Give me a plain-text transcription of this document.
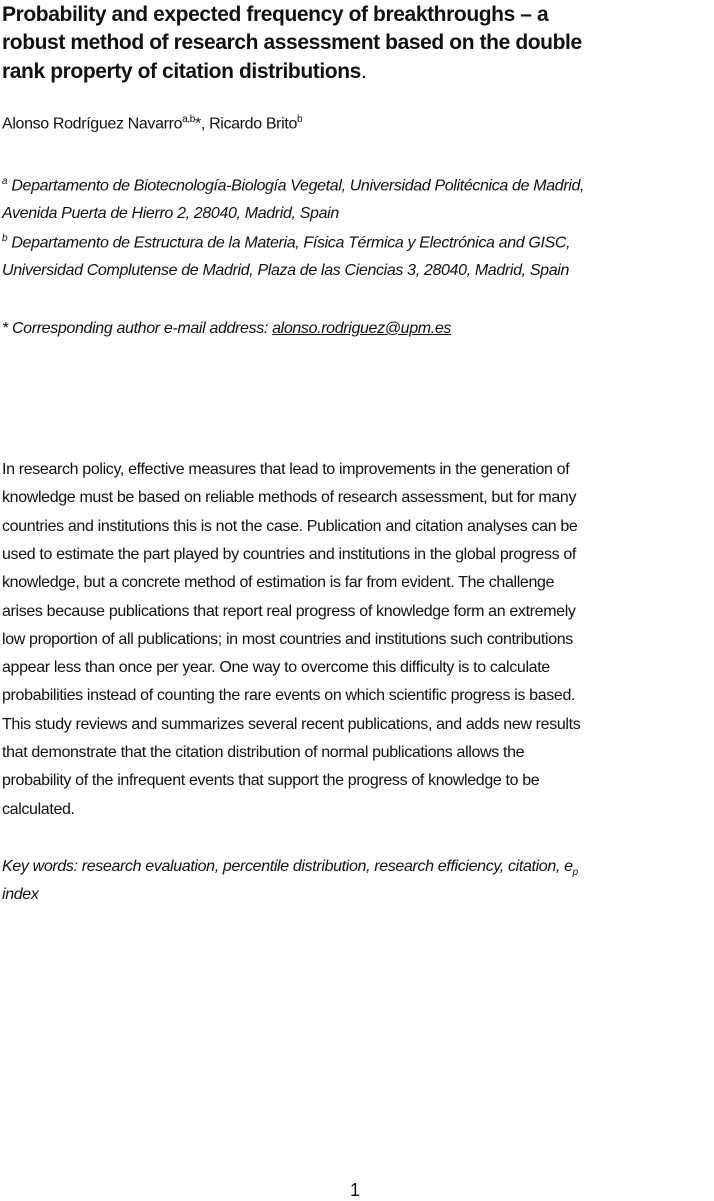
Probability and expected frequency of breakthroughs – a
robust method of research assessment based on the double
rank property of citation distributions.
Alonso Rodríguez Navarro$^{a,b}$*, Ricardo Brito$^b$
$^a$ Departamento de Biotecnología-Biología Vegetal, Universidad Politécnica de Madrid,
Avenida Puerta de Hierro 2, 28040, Madrid, Spain
$^b$ Departamento de Estructura de la Materia, Física Térmica y Electrónica and GISC,
Universidad Complutense de Madrid, Plaza de las Ciencias 3, 28040, Madrid, Spain
* Corresponding author e-mail address: alonso.rodriguez@upm.es
In research policy, effective measures that lead to improvements in the generation of
knowledge must be based on reliable methods of research assessment, but for many
countries and institutions this is not the case. Publication and citation analyses can be
used to estimate the part played by countries and institutions in the global progress of
knowledge, but a concrete method of estimation is far from evident. The challenge
arises because publications that report real progress of knowledge form an extremely
low proportion of all publications; in most countries and institutions such contributions
appear less than once per year. One way to overcome this difficulty is to calculate
probabilities instead of counting the rare events on which scientific progress is based.
This study reviews and summarizes several recent publications, and adds new results
that demonstrate that the citation distribution of normal publications allows the
probability of the infrequent events that support the progress of knowledge to be
calculated.
Key words: research evaluation, percentile distribution, research efficiency, citation, $e_p$
index
1
